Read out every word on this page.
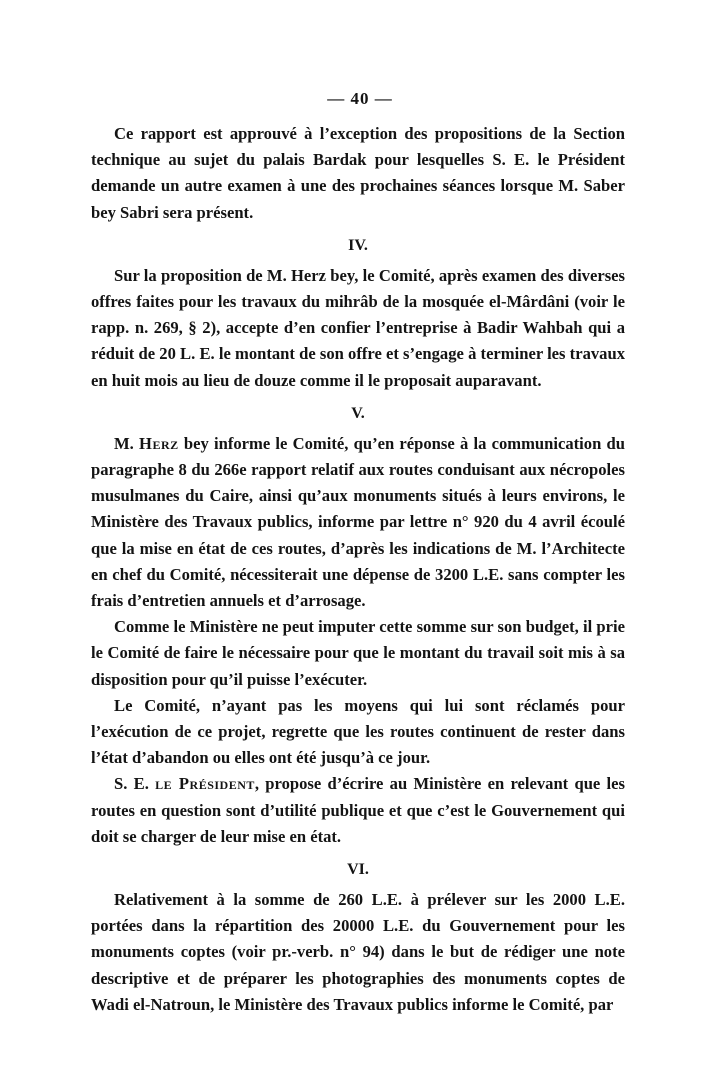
— 40 —

Ce rapport est approuvé à l’exception des propositions de la Section technique au sujet du palais Bardak pour lesquelles S. E. le Président demande un autre examen à une des prochaines séances lorsque M. Saber bey Sabri sera présent.

IV.

Sur la proposition de M. Herz bey, le Comité, après examen des diverses offres faites pour les travaux du mihrâb de la mosquée el-Mârdâni (voir le rapp. n. 269, § 2), accepte d’en confier l’entreprise à Badir Wahbah qui a réduit de 20 L. E. le montant de son offre et s’engage à terminer les travaux en huit mois au lieu de douze comme il le proposait auparavant.

V.

M. Herz bey informe le Comité, qu’en réponse à la communication du paragraphe 8 du 266e rapport relatif aux routes conduisant aux nécropoles musulmanes du Caire, ainsi qu’aux monuments situés à leurs environs, le Ministère des Travaux publics, informe par lettre n° 920 du 4 avril écoulé que la mise en état de ces routes, d’après les indications de M. l’Architecte en chef du Comité, nécessiterait une dépense de 3200 L.E. sans compter les frais d’entretien annuels et d’arrosage.

Comme le Ministère ne peut imputer cette somme sur son budget, il prie le Comité de faire le nécessaire pour que le montant du travail soit mis à sa disposition pour qu’il puisse l’exécuter.

Le Comité, n’ayant pas les moyens qui lui sont réclamés pour l’exécution de ce projet, regrette que les routes continuent de rester dans l’état d’abandon ou elles ont été jusqu’à ce jour.

S. E. le Président, propose d’écrire au Ministère en relevant que les routes en question sont d’utilité publique et que c’est le Gouvernement qui doit se charger de leur mise en état.

VI.

Relativement à la somme de 260 L.E. à prélever sur les 2000 L.E. portées dans la répartition des 20000 L.E. du Gouvernement pour les monuments coptes (voir pr.-verb. n° 94) dans le but de rédiger une note descriptive et de préparer les photographies des monuments coptes de Wadi el-Natroun, le Ministère des Travaux publics informe le Comité, par
